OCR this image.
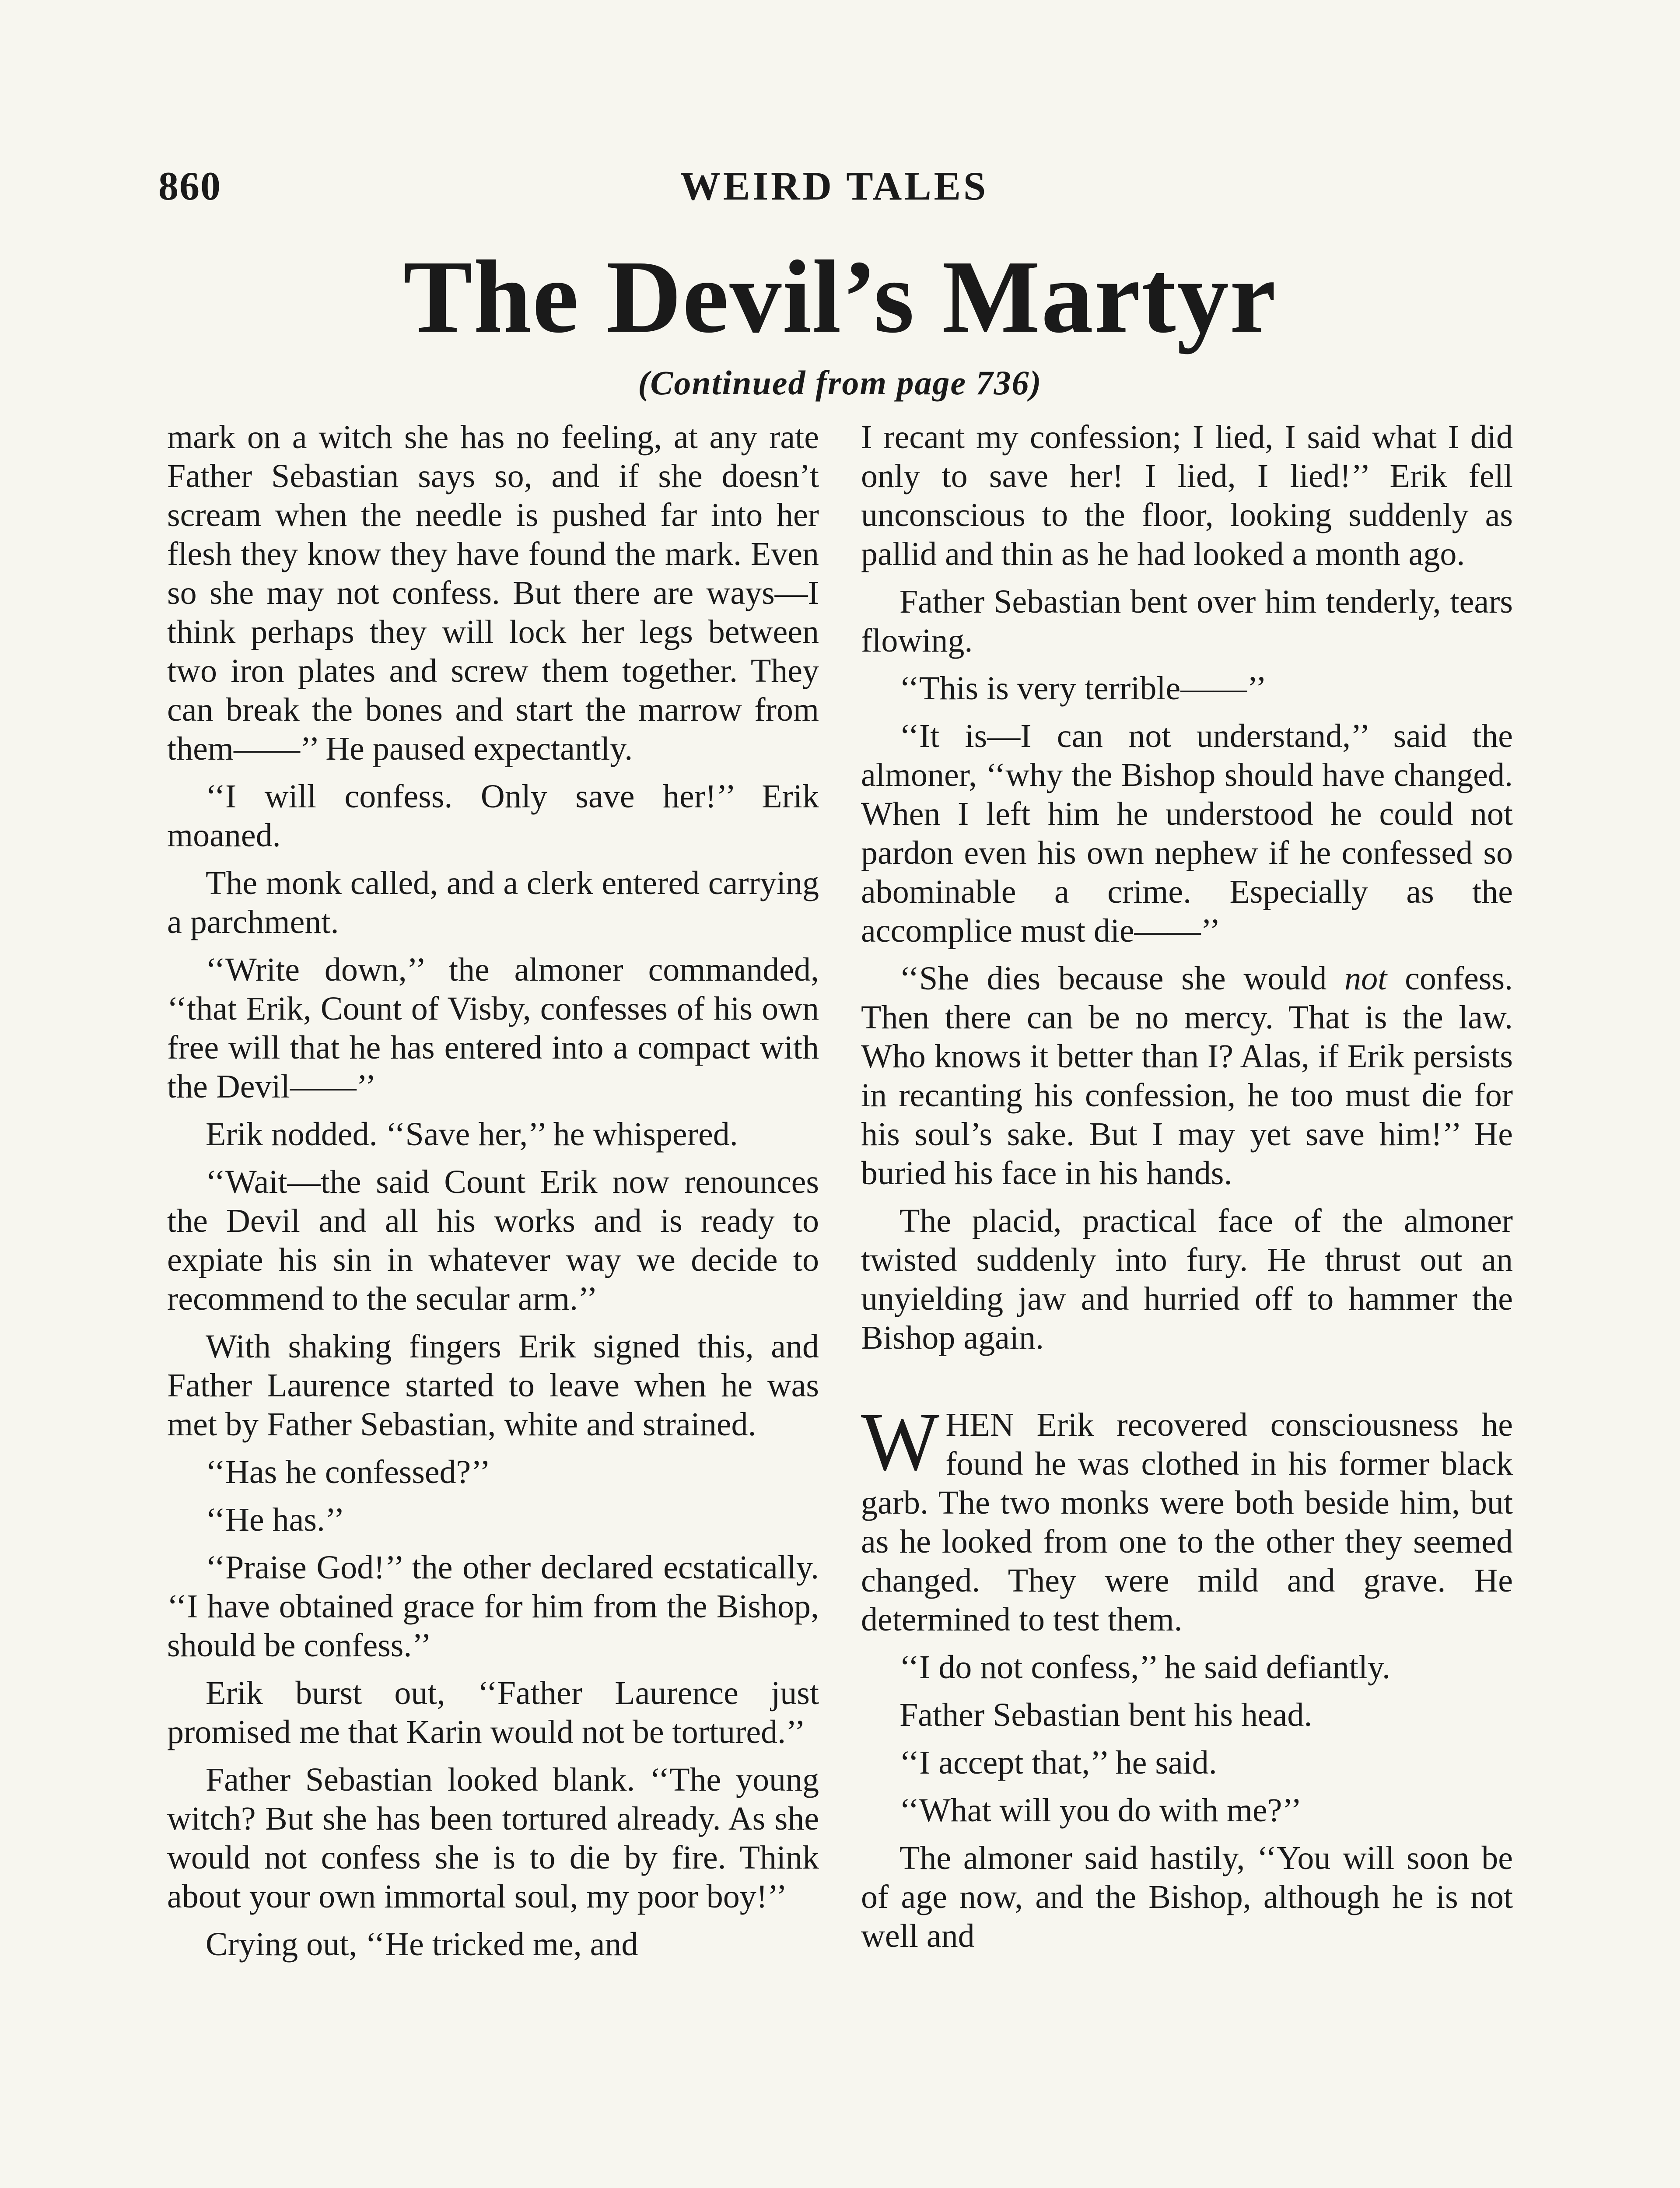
860	WEIRD TALES
The Devil’s Martyr
(Continued from page 736)

mark on a witch she has no feeling, at any rate Father Sebastian says so, and if she doesn’t scream when the needle is pushed far into her flesh they know they have found the mark. Even so she may not confess. But there are ways—I think perhaps they will lock her legs between two iron plates and screw them together. They can break the bones and start the marrow from them——’’ He paused expectantly.

‘‘I will confess. Only save her!’’ Erik moaned.

The monk called, and a clerk entered carrying a parchment.

‘‘Write down,’’ the almoner commanded, ‘‘that Erik, Count of Visby, confesses of his own free will that he has entered into a compact with the Devil——’’

Erik nodded. ‘‘Save her,’’ he whispered.

‘‘Wait—the said Count Erik now renounces the Devil and all his works and is ready to expiate his sin in whatever way we decide to recommend to the secular arm.’’

With shaking fingers Erik signed this, and Father Laurence started to leave when he was met by Father Sebastian, white and strained.

‘‘Has he confessed?’’

‘‘He has.’’

‘‘Praise God!’’ the other declared ecstatically. ‘‘I have obtained grace for him from the Bishop, should be confess.’’

Erik burst out, ‘‘Father Laurence just promised me that Karin would not be tortured.’’

Father Sebastian looked blank. ‘‘The young witch? But she has been tortured already. As she would not confess she is to die by fire. Think about your own immortal soul, my poor boy!’’

Crying out, ‘‘He tricked me, and

I recant my confession; I lied, I said what I did only to save her! I lied, I lied!’’ Erik fell unconscious to the floor, looking suddenly as pallid and thin as he had looked a month ago.

Father Sebastian bent over him tenderly, tears flowing.

‘‘This is very terrible——’’

‘‘It is—I can not understand,’’ said the almoner, ‘‘why the Bishop should have changed. When I left him he understood he could not pardon even his own nephew if he confessed so abominable a crime. Especially as the accomplice must die——’’

‘‘She dies because she would not confess. Then there can be no mercy. That is the law. Who knows it better than I? Alas, if Erik persists in recanting his confession, he too must die for his soul’s sake. But I may yet save him!’’ He buried his face in his hands.

The placid, practical face of the almoner twisted suddenly into fury. He thrust out an unyielding jaw and hurried off to hammer the Bishop again.

WHEN Erik recovered consciousness he found he was clothed in his former black garb. The two monks were both beside him, but as he looked from one to the other they seemed changed. They were mild and grave. He determined to test them.

‘‘I do not confess,’’ he said defiantly.

Father Sebastian bent his head.

‘‘I accept that,’’ he said.

‘‘What will you do with me?’’

The almoner said hastily, ‘‘You will soon be of age now, and the Bishop, although he is not well and
